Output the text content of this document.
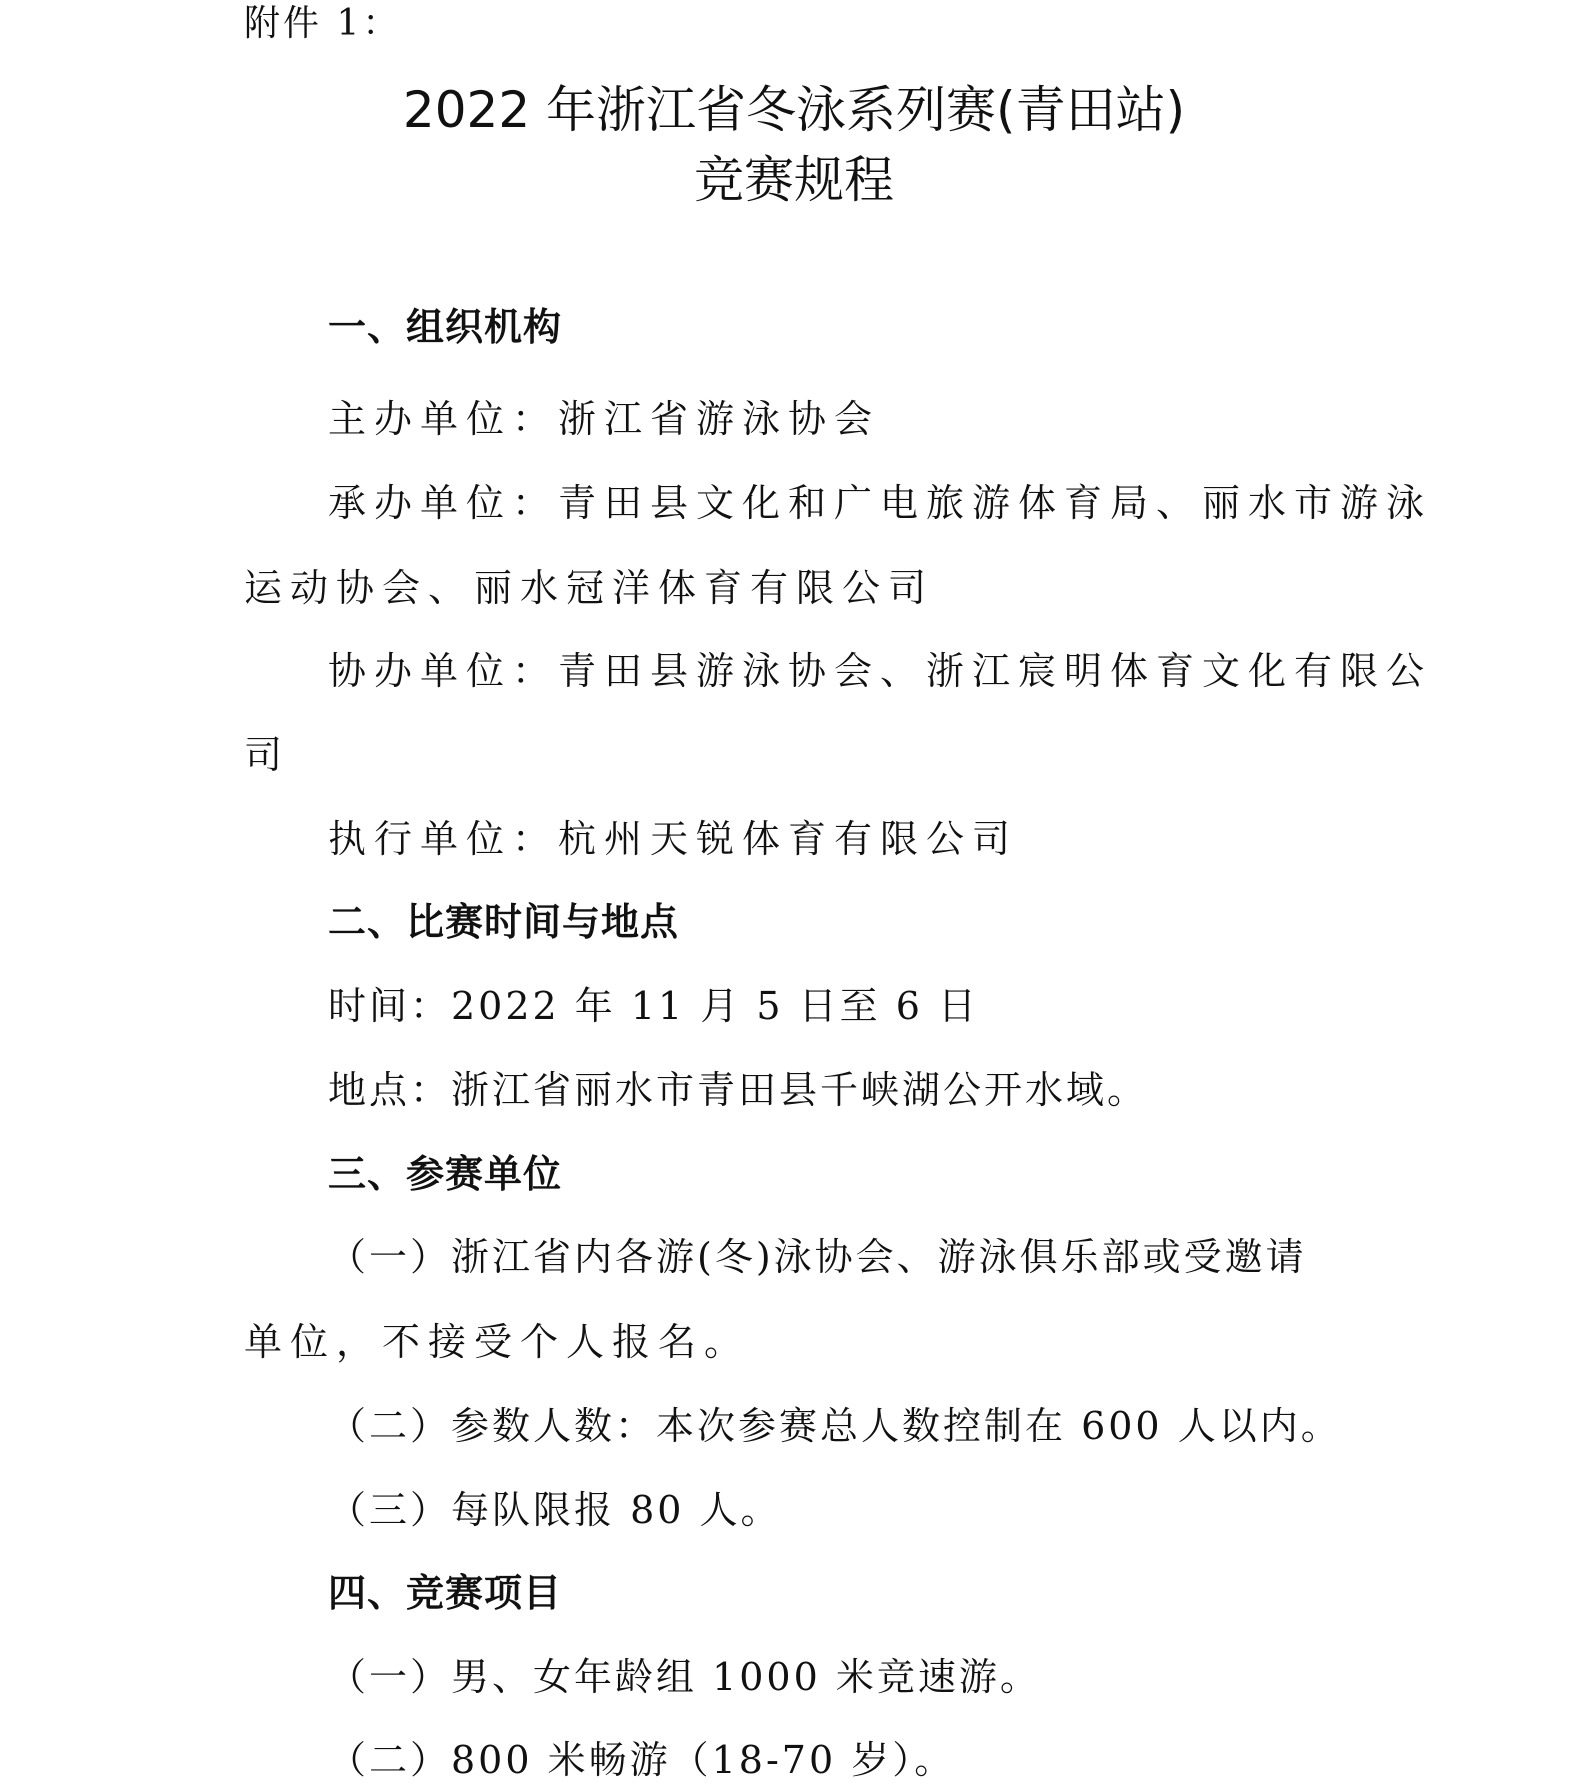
附件 1：
2022 年浙江省冬泳系列赛(青田站)
竞赛规程
一、组织机构
主办单位：浙江省游泳协会
承办单位：青田县文化和广电旅游体育局、丽水市游泳
运动协会、丽水冠洋体育有限公司
协办单位：青田县游泳协会、浙江宸明体育文化有限公
司
执行单位：杭州天锐体育有限公司
二、比赛时间与地点
时间：2022 年 11 月 5 日至 6 日
地点：浙江省丽水市青田县千峡湖公开水域。
三、参赛单位
（一）浙江省内各游(冬)泳协会、游泳俱乐部或受邀请
单位，不接受个人报名。
（二）参数人数：本次参赛总人数控制在 600 人以内。
（三）每队限报 80 人。
四、竞赛项目
（一）男、女年龄组 1000 米竞速游。
（二）800 米畅游（18-70 岁）。
